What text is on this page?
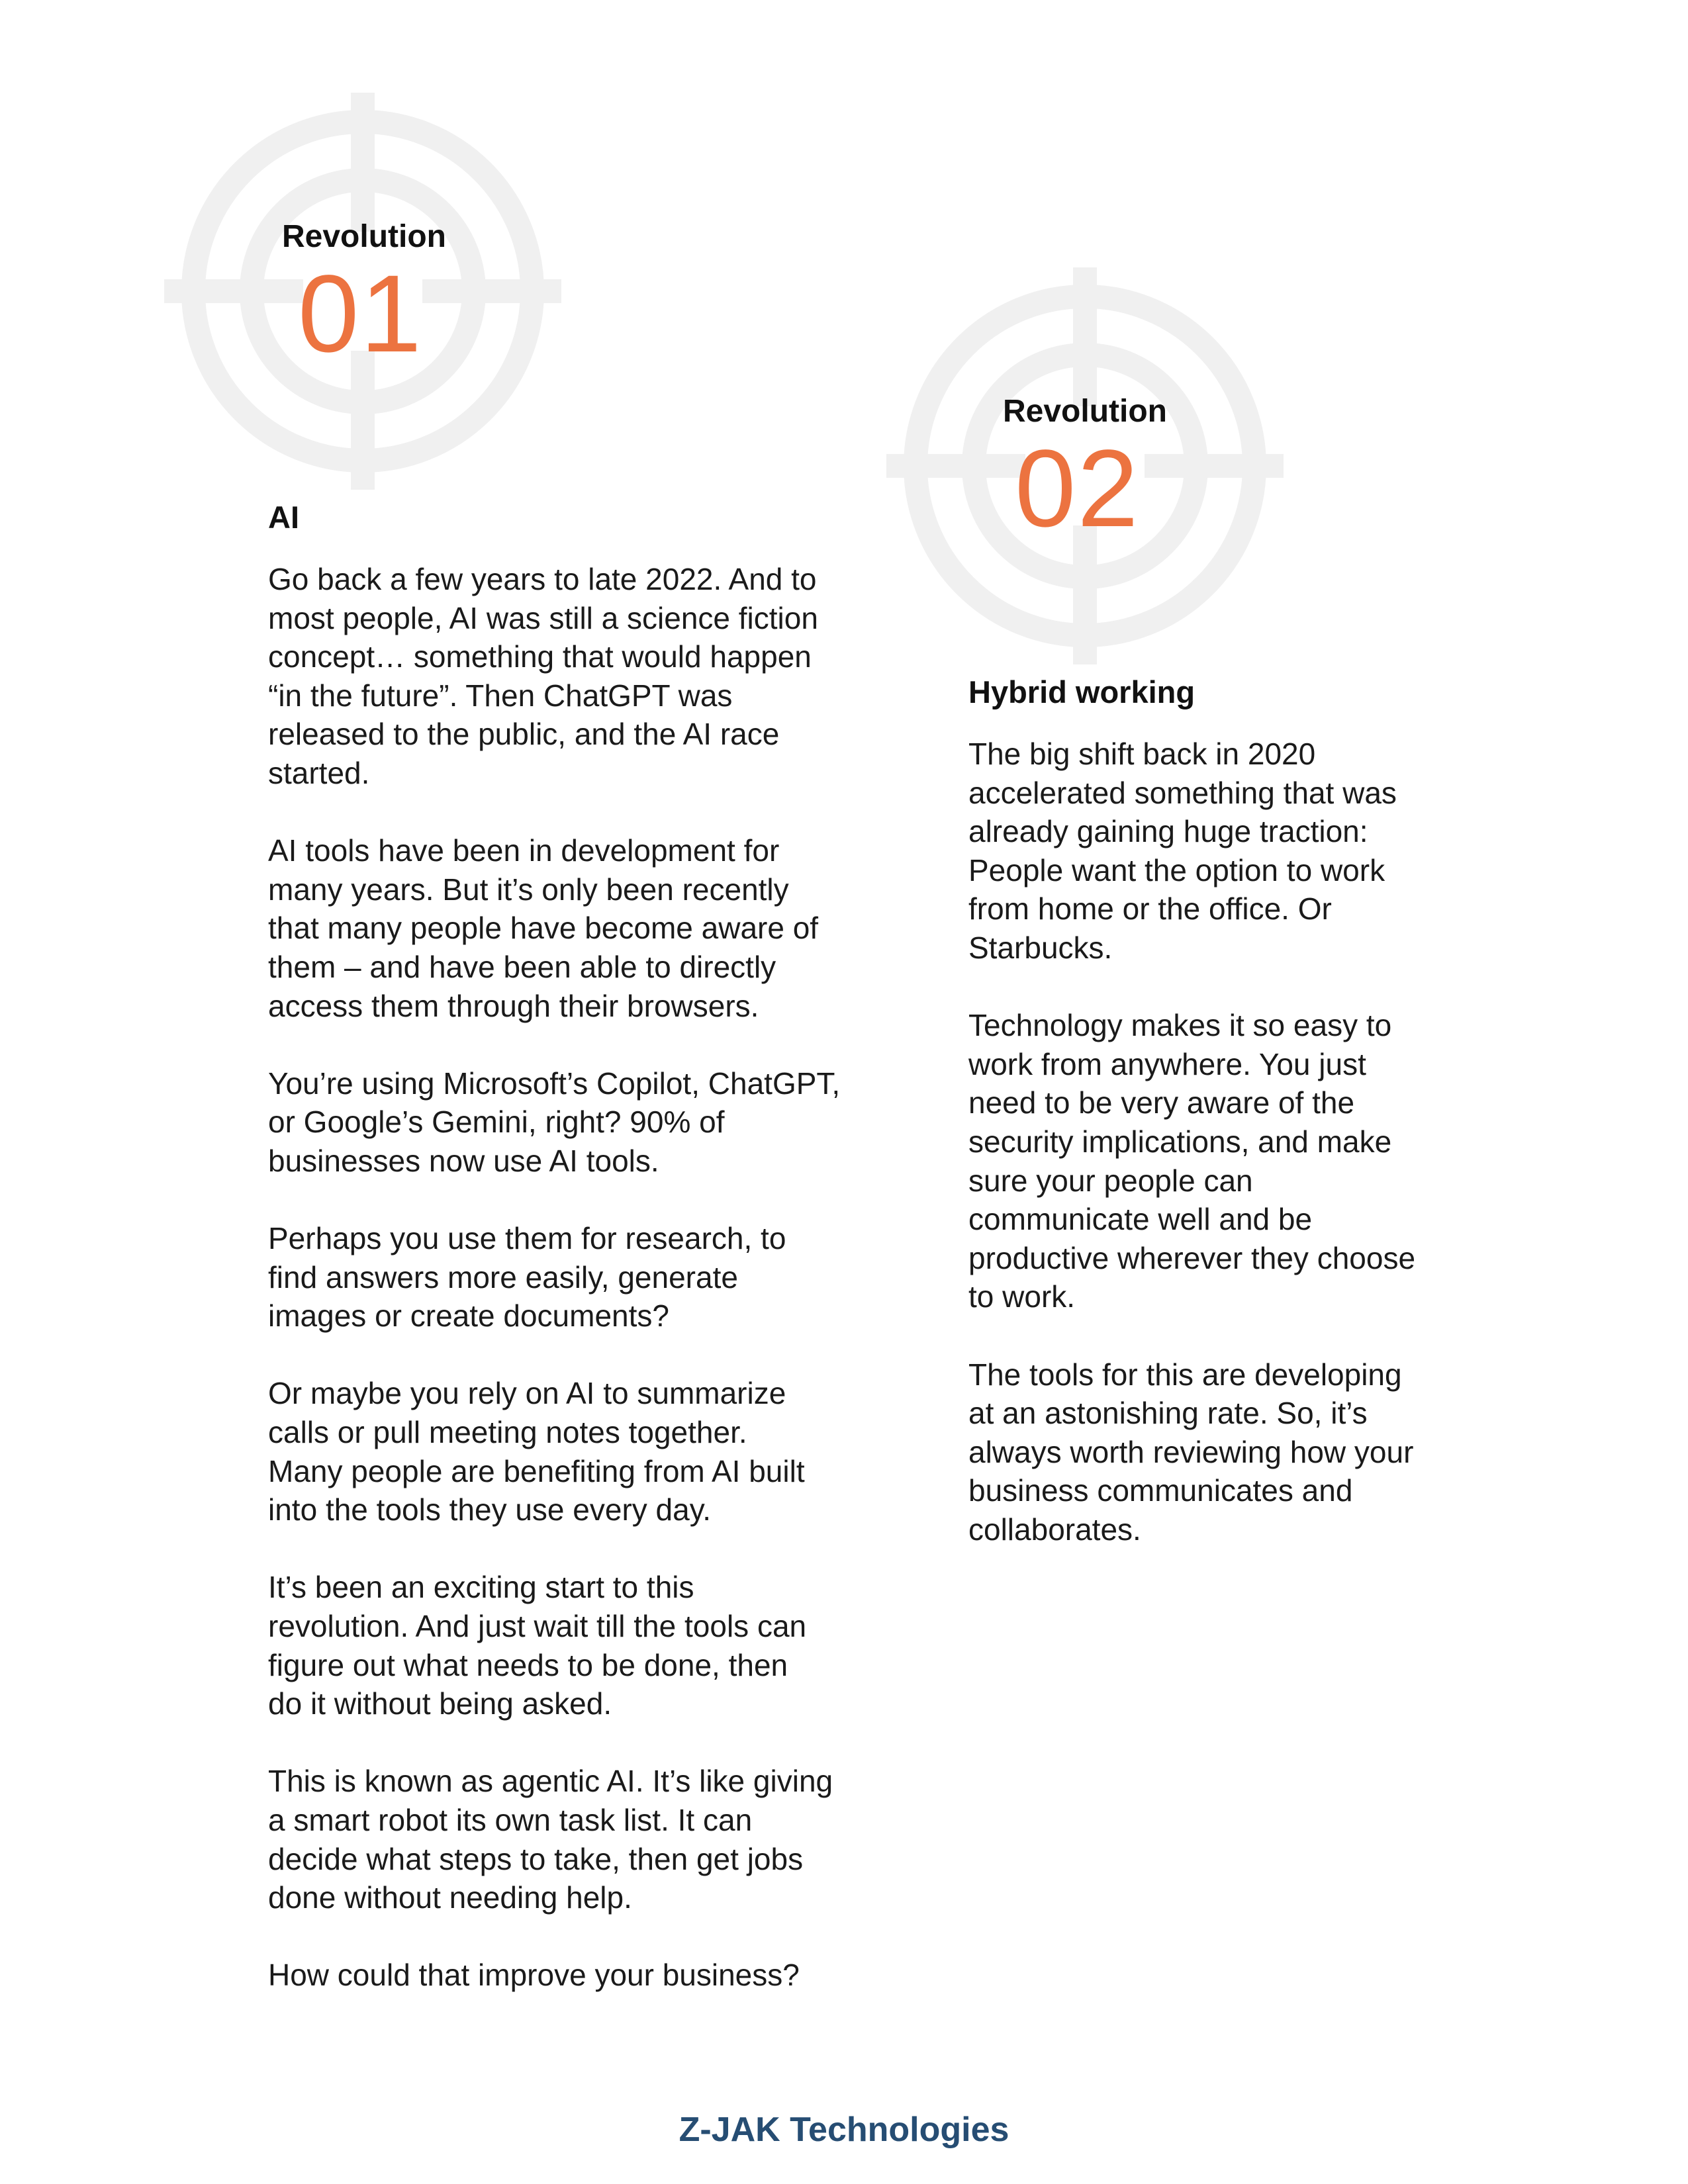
Revolution
01
Revolution
02
AI

Go back a few years to late 2022. And to
most people, AI was still a science fiction
concept… something that would happen
“in the future”. Then ChatGPT was
released to the public, and the AI race
started.

AI tools have been in development for
many years. But it’s only been recently
that many people have become aware of
them – and have been able to directly
access them through their browsers.

You’re using Microsoft’s Copilot, ChatGPT,
or Google’s Gemini, right? 90% of
businesses now use AI tools.

Perhaps you use them for research, to
find answers more easily, generate
images or create documents?

Or maybe you rely on AI to summarize
calls or pull meeting notes together.
Many people are benefiting from AI built
into the tools they use every day.

It’s been an exciting start to this
revolution. And just wait till the tools can
figure out what needs to be done, then
do it without being asked.

This is known as agentic AI. It’s like giving
a smart robot its own task list. It can
decide what steps to take, then get jobs
done without needing help.

How could that improve your business?

Hybrid working

The big shift back in 2020
accelerated something that was
already gaining huge traction:
People want the option to work
from home or the office. Or
Starbucks.

Technology makes it so easy to
work from anywhere. You just
need to be very aware of the
security implications, and make
sure your people can
communicate well and be
productive wherever they choose
to work.

The tools for this are developing
at an astonishing rate. So, it’s
always worth reviewing how your
business communicates and
collaborates.

Z-JAK Technologies
